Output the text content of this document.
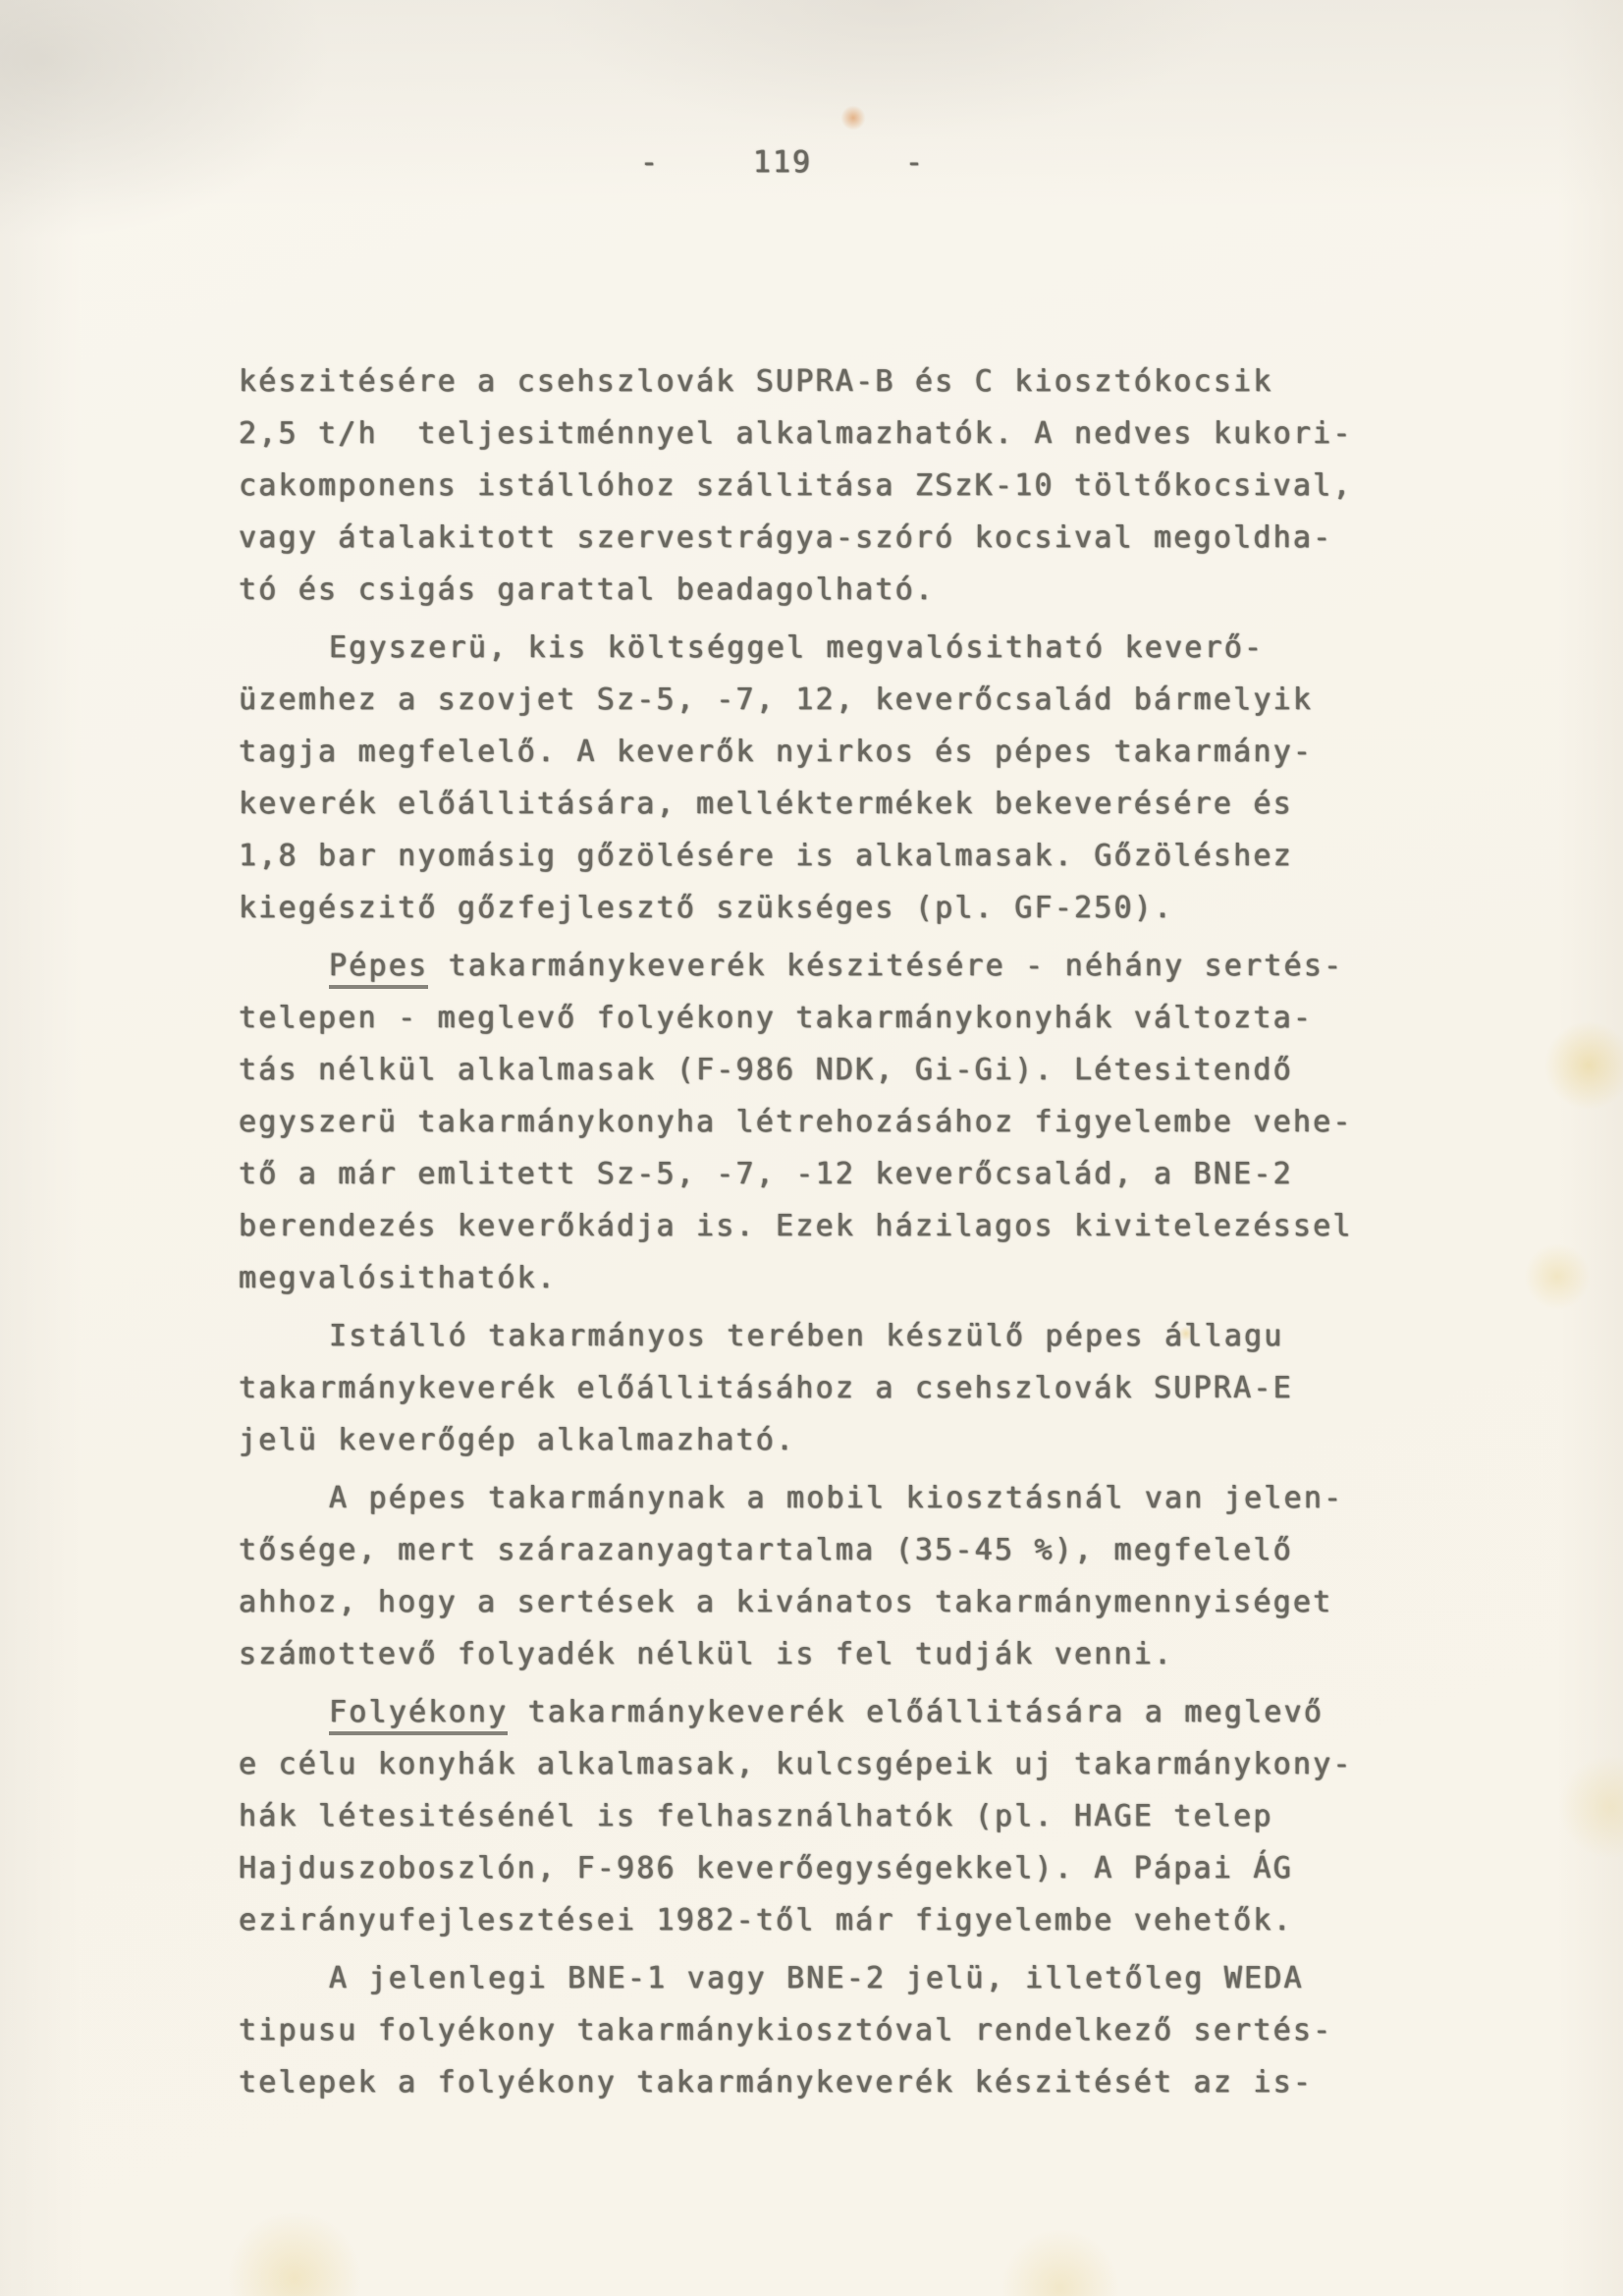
-	119	-
készitésére a csehszlovák SUPRA-B és C kiosztókocsik
2,5 t/h  teljesitménnyel alkalmazhatók. A nedves kukori-
cakomponens istállóhoz szállitása ZSzK-10 töltőkocsival,
vagy átalakitott szervestrágya-szóró kocsival megoldha-
tó és csigás garattal beadagolható.
Egyszerü, kis költséggel megvalósitható keverő-
üzemhez a szovjet Sz-5, -7, 12, keverőcsalád bármelyik
tagja megfelelő. A keverők nyirkos és pépes takarmány-
keverék előállitására, melléktermékek bekeverésére és
1,8 bar nyomásig gőzölésére is alkalmasak. Gőzöléshez
kiegészitő gőzfejlesztő szükséges (pl. GF-250).
Pépes takarmánykeverék készitésére - néhány sertés-
telepen - meglevő folyékony takarmánykonyhák változta-
tás nélkül alkalmasak (F-986 NDK, Gi-Gi). Létesitendő
egyszerü takarmánykonyha létrehozásához figyelembe vehe-
tő a már emlitett Sz-5, -7, -12 keverőcsalád, a BNE-2
berendezés keverőkádja is. Ezek házilagos kivitelezéssel
megvalósithatók.
Istálló takarmányos terében készülő pépes állagu
takarmánykeverék előállitásához a csehszlovák SUPRA-E
jelü keverőgép alkalmazható.
A pépes takarmánynak a mobil kiosztásnál van jelen-
tősége, mert szárazanyagtartalma (35-45 %), megfelelő
ahhoz, hogy a sertések a kivánatos takarmánymennyiséget
számottevő folyadék nélkül is fel tudják venni.
Folyékony takarmánykeverék előállitására a meglevő
e célu konyhák alkalmasak, kulcsgépeik uj takarmánykony-
hák létesitésénél is felhasználhatók (pl. HAGE telep
Hajduszoboszlón, F-986 keverőegységekkel). A Pápai ÁG
ezirányufejlesztései 1982-től már figyelembe vehetők.
A jelenlegi BNE-1 vagy BNE-2 jelü, illetőleg WEDA
tipusu folyékony takarmánykiosztóval rendelkező sertés-
telepek a folyékony takarmánykeverék készitését az is-
